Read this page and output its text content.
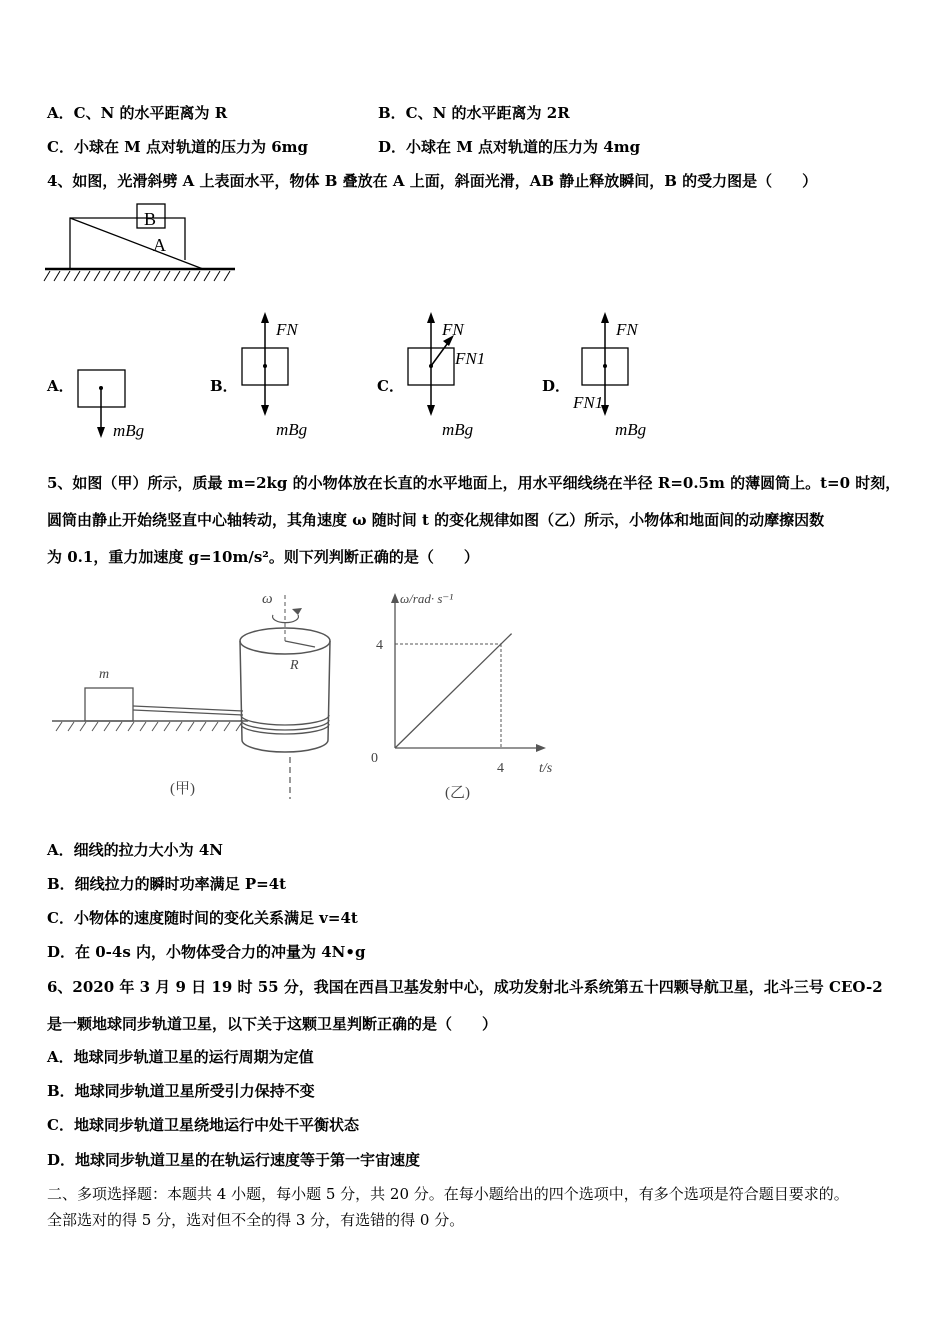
A．C、N 的水平距离为 R	B．C、N 的水平距离为 2R
C．小球在 M 点对轨道的压力为 6mg	D．小球在 M 点对轨道的压力为 4mg
4、如图，光滑斜劈 A 上表面水平，物体 B 叠放在 A 上面，斜面光滑，AB 静止释放瞬间，B 的受力图是（　　）
B
A
A．
mBg
B．
FN
mBg
C．
FN
FN1
mBg
D．
FN
FN1
mBg
5、如图（甲）所示，质最 m=2kg 的小物体放在长直的水平地面上，用水平细线绕在半径 R=0.5m 的薄圆筒上。t=0 时刻，
圆筒由静止开始绕竖直中心轴转动，其角速度 ω 随时间 t 的变化规律如图（乙）所示，小物体和地面间的动摩擦因数
为 0.1，重力加速度 g=10m/s²。则下列判断正确的是（　　）
m
R
ω
(甲)
ω/rad· s⁻¹
t/s
0
4
4
(乙)
A．细线的拉力大小为 4N
B．细线拉力的瞬时功率满足 P=4t
C．小物体的速度随时间的变化关系满足 v=4t
D．在 0-4s 内，小物体受合力的冲量为 4N•g
6、2020 年 3 月 9 日 19 时 55 分，我国在西昌卫基发射中心，成功发射北斗系统第五十四颗导航卫星，北斗三号 CEO-2
是一颗地球同步轨道卫星，以下关于这颗卫星判断正确的是（　　）
A．地球同步轨道卫星的运行周期为定值
B．地球同步轨道卫星所受引力保持不变
C．地球同步轨道卫星绕地运行中处干平衡状态
D．地球同步轨道卫星的在轨运行速度等于第一宇宙速度
二、多项选择题：本题共 4 小题，每小题 5 分，共 20 分。在每小题给出的四个选项中，有多个选项是符合题目要求的。
全部选对的得 5 分，选对但不全的得 3 分，有选错的得 0 分。
